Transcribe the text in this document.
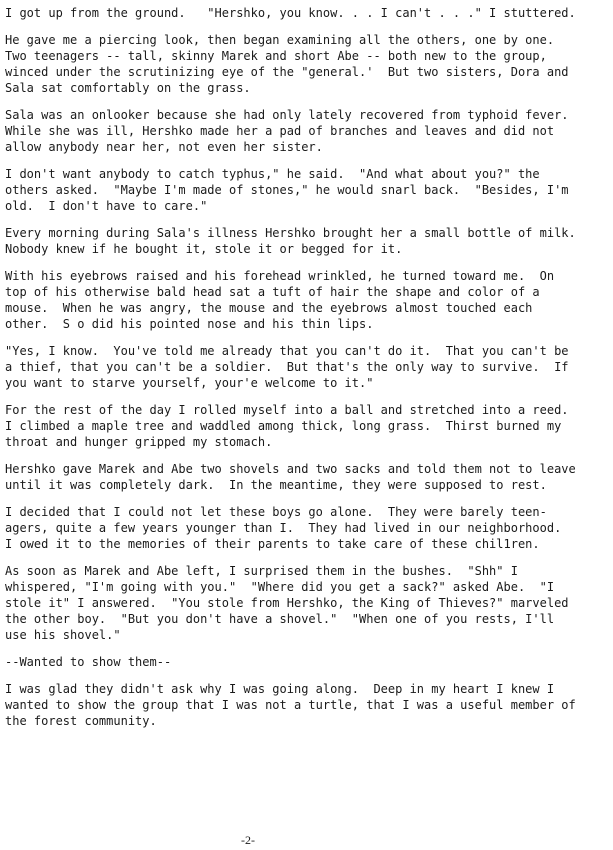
I got up from the ground.   "Hershko, you know. . . I can't . . ." I stuttered.
He gave me a piercing look, then began examining all the others, one by one.
Two teenagers -- tall, skinny Marek and short Abe -- both new to the group,
winced under the scrutinizing eye of the "general.'  But two sisters, Dora and
Sala sat comfortably on the grass.
Sala was an onlooker because she had only lately recovered from typhoid fever.
While she was ill, Hershko made her a pad of branches and leaves and did not
allow anybody near her, not even her sister.
I don't want anybody to catch typhus," he said.  "And what about you?" the
others asked.  "Maybe I'm made of stones," he would snarl back.  "Besides, I'm
old.  I don't have to care."
Every morning during Sala's illness Hershko brought her a small bottle of milk.
Nobody knew if he bought it, stole it or begged for it.
With his eyebrows raised and his forehead wrinkled, he turned toward me.  On
top of his otherwise bald head sat a tuft of hair the shape and color of a
mouse.  When he was angry, the mouse and the eyebrows almost touched each
other.  S o did his pointed nose and his thin lips.
"Yes, I know.  You've told me already that you can't do it.  That you can't be
a thief, that you can't be a soldier.  But that's the only way to survive.  If
you want to starve yourself, your'e welcome to it."
For the rest of the day I rolled myself into a ball and stretched into a reed.
I climbed a maple tree and waddled among thick, long grass.  Thirst burned my
throat and hunger gripped my stomach.
Hershko gave Marek and Abe two shovels and two sacks and told them not to leave
until it was completely dark.  In the meantime, they were supposed to rest.
I decided that I could not let these boys go alone.  They were barely teen-
agers, quite a few years younger than I.  They had lived in our neighborhood.
I owed it to the memories of their parents to take care of these chil1ren.
As soon as Marek and Abe left, I surprised them in the bushes.  "Shh" I
whispered, "I'm going with you."  "Where did you get a sack?" asked Abe.  "I
stole it" I answered.  "You stole from Hershko, the King of Thieves?" marveled
the other boy.  "But you don't have a shovel."  "When one of you rests, I'll
use his shovel."
--Wanted to show them--
I was glad they didn't ask why I was going along.  Deep in my heart I knew I
wanted to show the group that I was not a turtle, that I was a useful member of
the forest community.
-2-
